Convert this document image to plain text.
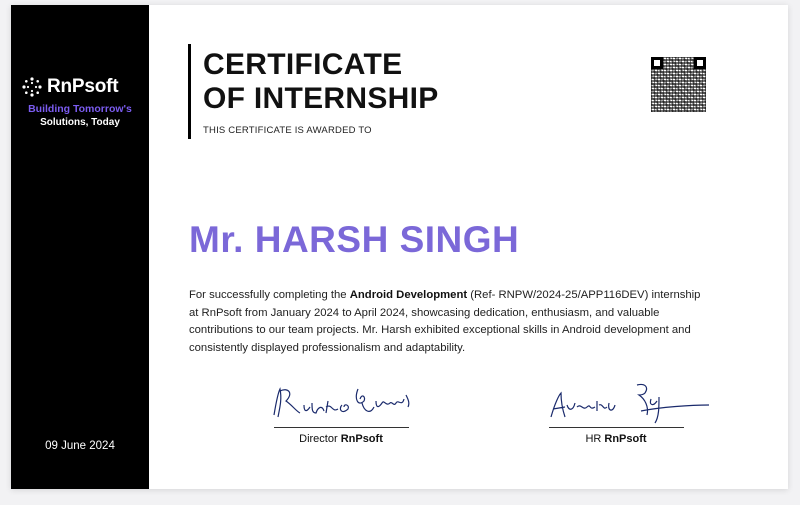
RnPsoft
Building Tomorrow's
Solutions, Today
09 June 2024
CERTIFICATE
OF INTERNSHIP
THIS CERTIFICATE IS AWARDED TO
Mr. HARSH SINGH
For successfully completing the Android Development (Ref- RNPW/2024-25/APP116DEV) internship at RnPsoft from January 2024 to April 2024, showcasing dedication, enthusiasm, and valuable contributions to our team projects. Mr. Harsh exhibited exceptional skills in Android development and consistently displayed professionalism and adaptability.
Director RnPsoft	HR RnPsoft
